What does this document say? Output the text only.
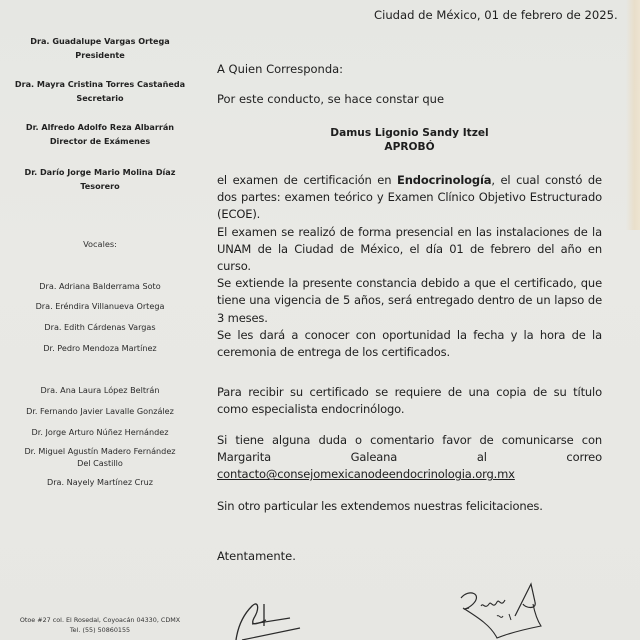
Dra. Guadalupe Vargas Ortega
Presidente
Dra. Mayra Cristina Torres Castañeda
Secretario
Dr. Alfredo Adolfo Reza Albarrán
Director de Exámenes
Dr. Darío Jorge Mario Molina Díaz
Tesorero
Vocales:
Dra. Adriana Balderrama Soto
Dra. Eréndira Villanueva Ortega
Dra. Edith Cárdenas Vargas
Dr. Pedro Mendoza Martínez
Dra. Ana Laura López Beltrán
Dr. Fernando Javier Lavalle González
Dr. Jorge Arturo Núñez Hernández
Dr. Miguel Agustín Madero Fernández
Del Castillo
Dra. Nayely Martínez Cruz
Otoe #27 col. El Rosedal, Coyoacán 04330, CDMX
Tel. (55) 50860155
Ciudad de México, 01 de febrero de 2025.
A Quien Corresponda:
Por este conducto, se hace constar que
Damus Ligonio Sandy Itzel
APROBÓ
el examen de certificación en Endocrinología, el cual constó de dos partes: examen teórico y Examen Clínico Objetivo Estructurado (ECOE).
El examen se realizó de forma presencial en las instalaciones de la UNAM de la Ciudad de México, el día 01 de febrero del año en curso.
Se extiende la presente constancia debido a que el certificado, que tiene una vigencia de 5 años, será entregado dentro de un lapso de 3 meses.
Se les dará a conocer con oportunidad la fecha y la hora de la ceremonia de entrega de los certificados.
Para recibir su certificado se requiere de una copia de su título como especialista endocrinólogo.
Si tiene alguna duda o comentario favor de comunicarse con Margarita Galeana al correo
contacto@consejomexicanodeendocrinologia.org.mx
Sin otro particular les extendemos nuestras felicitaciones.
Atentamente.
